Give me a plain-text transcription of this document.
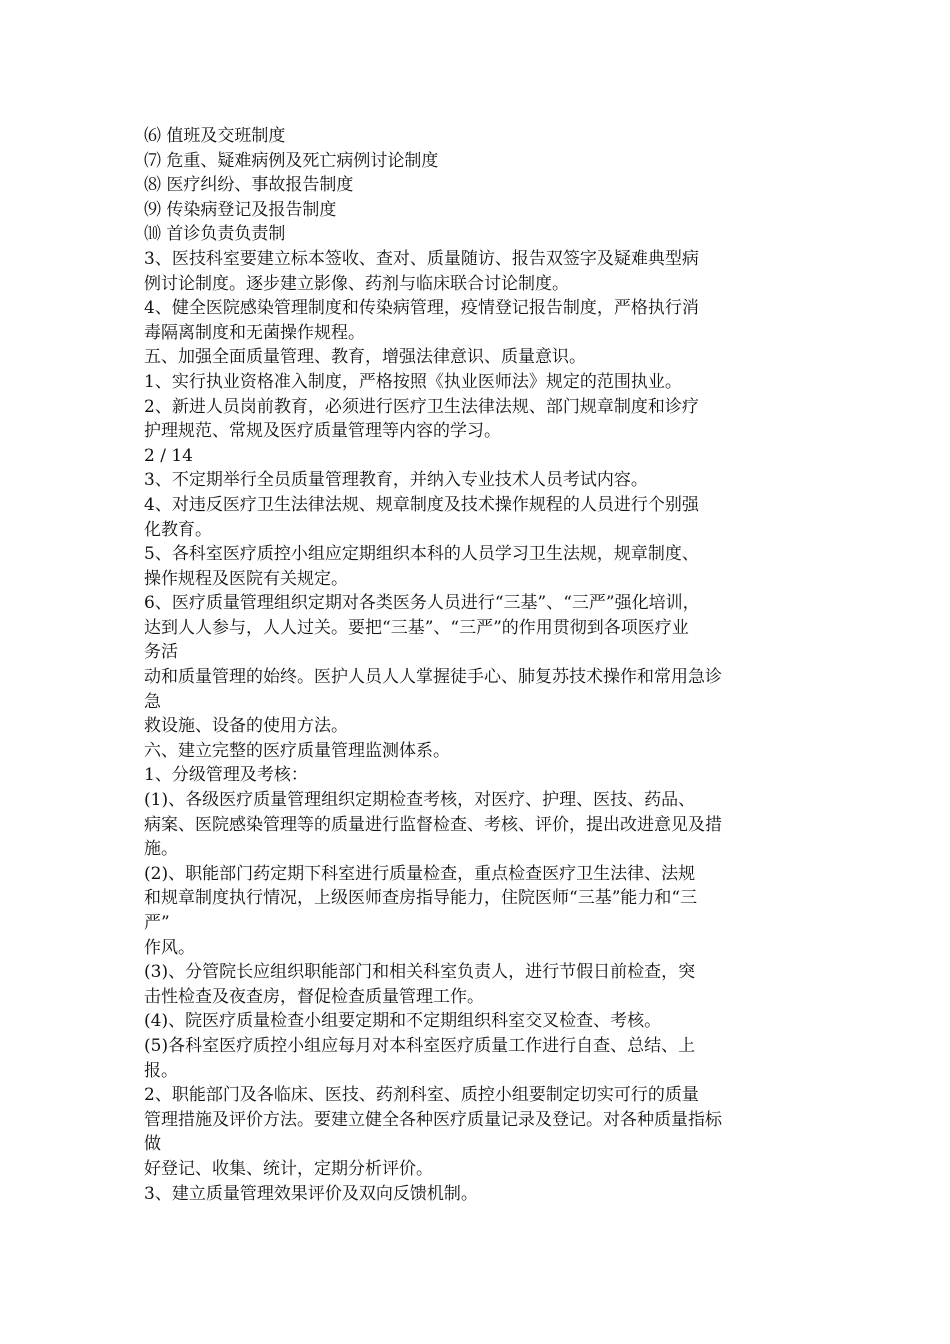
⑹ 值班及交班制度
⑺ 危重、疑难病例及死亡病例讨论制度
⑻ 医疗纠纷、事故报告制度
⑼ 传染病登记及报告制度
⑽ 首诊负责负责制
3、医技科室要建立标本签收、查对、质量随访、报告双签字及疑难典型病
例讨论制度。逐步建立影像、药剂与临床联合讨论制度。
4、健全医院感染管理制度和传染病管理，疫情登记报告制度，严格执行消
毒隔离制度和无菌操作规程。
五、加强全面质量管理、教育，增强法律意识、质量意识。
1、实行执业资格准入制度，严格按照《执业医师法》规定的范围执业。
2、新进人员岗前教育，必须进行医疗卫生法律法规、部门规章制度和诊疗
护理规范、常规及医疗质量管理等内容的学习。
2 / 14
3、不定期举行全员质量管理教育，并纳入专业技术人员考试内容。
4、对违反医疗卫生法律法规、规章制度及技术操作规程的人员进行个别强
化教育。
5、各科室医疗质控小组应定期组织本科的人员学习卫生法规，规章制度、
操作规程及医院有关规定。
6、医疗质量管理组织定期对各类医务人员进行“三基”、“三严”强化培训，
达到人人参与，人人过关。要把“三基”、“三严”的作用贯彻到各项医疗业
务活
动和质量管理的始终。医护人员人人掌握徒手心、肺复苏技术操作和常用急诊
急
救设施、设备的使用方法。
六、建立完整的医疗质量管理监测体系。
1、分级管理及考核：
(1)、各级医疗质量管理组织定期检查考核，对医疗、护理、医技、药品、
病案、医院感染管理等的质量进行监督检查、考核、评价，提出改进意见及措
施。
(2)、职能部门药定期下科室进行质量检查，重点检查医疗卫生法律、法规
和规章制度执行情况，上级医师查房指导能力，住院医师“三基”能力和“三
严”
作风。
(3)、分管院长应组织职能部门和相关科室负责人，进行节假日前检查，突
击性检查及夜查房，督促检查质量管理工作。
(4)、院医疗质量检查小组要定期和不定期组织科室交叉检查、考核。
(5)各科室医疗质控小组应每月对本科室医疗质量工作进行自查、总结、上
报。
2、职能部门及各临床、医技、药剂科室、质控小组要制定切实可行的质量
管理措施及评价方法。要建立健全各种医疗质量记录及登记。对各种质量指标
做
好登记、收集、统计，定期分析评价。
3、建立质量管理效果评价及双向反馈机制。
